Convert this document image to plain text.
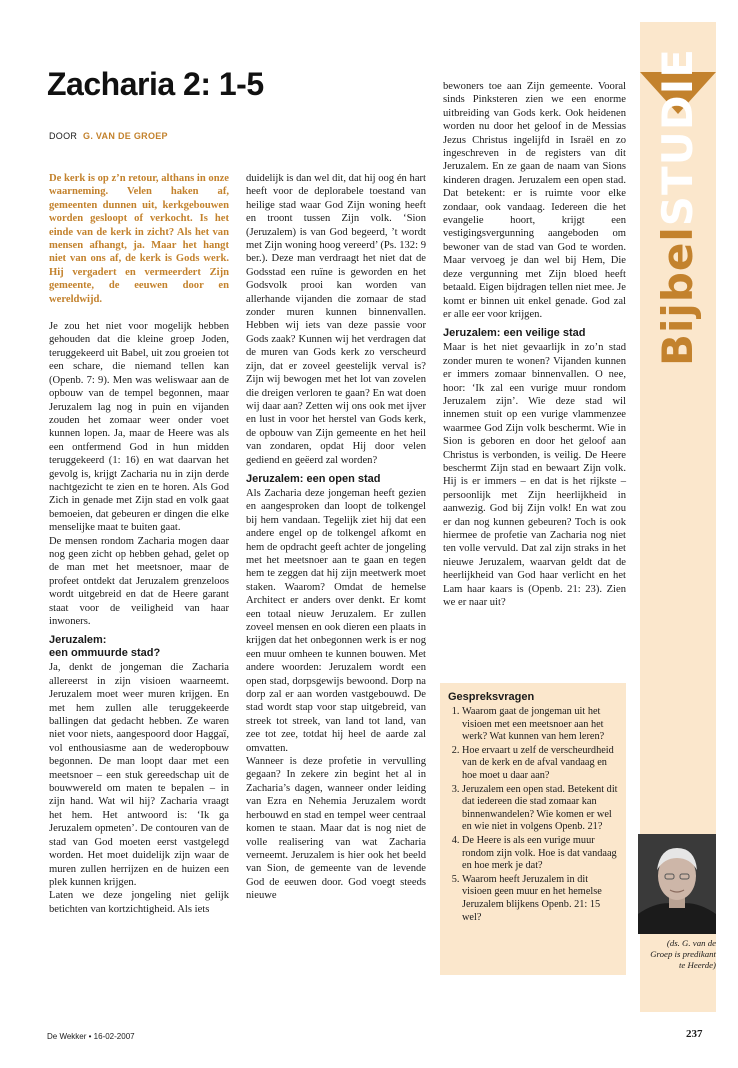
Zacharia 2: 1-5
DOOR G. VAN DE GROEP

De kerk is op z’n retour, althans in onze waarneming. Velen haken af, gemeenten dunnen uit, kerkgebouwen worden gesloopt of verkocht. Is het einde van de kerk in zicht? Als het van mensen afhangt, ja. Maar het hangt niet van ons af, de kerk is Gods werk. Hij vergadert en vermeerdert Zijn gemeente, de eeuwen door en wereldwijd.

Je zou het niet voor mogelijk hebben gehouden dat die kleine groep Joden, teruggekeerd uit Babel, uit zou groeien tot een schare, die niemand tellen kan (Openb. 7: 9). Men was weliswaar aan de opbouw van de tempel begonnen, maar Jeruzalem lag nog in puin en vijanden zouden het zomaar weer onder voet kunnen lopen. Ja, maar de Heere was als een ontfermend God in hun midden teruggekeerd (1: 16) en wat daarvan het gevolg is, krijgt Zacharia nu in zijn derde nachtgezicht te zien en te horen. Als God Zich in genade met Zijn stad en volk gaat bemoeien, dat gebeuren er dingen die elke menselijke maat te buiten gaat.

De mensen rondom Zacharia mogen daar nog geen zicht op hebben gehad, gelet op de man met het meetsnoer, maar de profeet ontdekt dat Jeruzalem grenzeloos wordt uitgebreid en dat de Heere garant staat voor de veiligheid van haar inwoners.

Jeruzalem:
een ommuurde stad?

Ja, denkt de jongeman die Zacharia allereerst in zijn visioen waarneemt. Jeruzalem moet weer muren krijgen. En met hem zullen alle teruggekeerde ballingen dat gedacht hebben. Ze waren niet voor niets, aangespoord door Haggaï, vol enthousiasme aan de wederopbouw begonnen. De man loopt daar met een meetsnoer – een stuk gereedschap uit de bouwwereld om maten te bepalen – in zijn hand. Wat wil hij? Zacharia vraagt het hem. Het antwoord is: ‘Ik ga Jeruzalem opmeten’. De contouren van de stad van God moeten eerst vastgelegd worden. Het moet duidelijk zijn waar de muren zullen herrijzen en de huizen een plek kunnen krijgen.

Laten we deze jongeling niet gelijk betichten van kortzichtigheid. Als iets

duidelijk is dan wel dit, dat hij oog én hart heeft voor de deplorabele toestand van heilige stad waar God Zijn woning heeft en troont tussen Zijn volk. ‘Sion (Jeruzalem) is van God begeerd, ’t wordt met Zijn woning hoog vereerd’ (Ps. 132: 9 ber.). Deze man verdraagt het niet dat de Godsstad een ruïne is geworden en het Godsvolk prooi kan worden van allerhande vijanden die zomaar de stad zonder muren kunnen binnenvallen. Hebben wij iets van deze passie voor Gods zaak? Kunnen wij het verdragen dat de muren van Gods kerk zo verscheurd zijn, dat er zoveel geestelijk verval is? Zijn wij bewogen met het lot van zovelen die dreigen verloren te gaan? En wat doen wij daar aan? Zetten wij ons ook met ijver en lust in voor het herstel van Gods kerk, de opbouw van Zijn gemeente en het heil van zondaren, opdat Hij door velen gediend en geëerd zal worden?

Jeruzalem: een open stad

Als Zacharia deze jongeman heeft gezien en aangesproken dan loopt de tolkengel bij hem vandaan. Tegelijk ziet hij dat een andere engel op de tolkengel afkomt en hem de opdracht geeft achter de jongeling met het meetsnoer aan te gaan en tegen hem te zeggen dat hij zijn meetwerk moet staken. Waarom? Omdat de hemelse Architect er anders over denkt. Er komt een totaal nieuw Jeruzalem. Er zullen zoveel mensen en ook dieren een plaats in krijgen dat het onbegonnen werk is er nog een muur omheen te kunnen bouwen. Met andere woorden: Jeruzalem wordt een open stad, dorpsgewijs bewoond. Dorp na dorp zal er aan worden vastgebouwd. De stad wordt stap voor stap uitgebreid, van streek tot streek, van land tot land, van zee tot zee, totdat hij heel de aarde zal omvatten.

Wanneer is deze profetie in vervulling gegaan? In zekere zin begint het al in Zacharia’s dagen, wanneer onder leiding van Ezra en Nehemia Jeruzalem wordt herbouwd en stad en tempel weer centraal komen te staan. Maar dat is nog niet de volle realisering van wat Zacharia verneemt. Jeruzalem is hier ook het beeld van Sion, de gemeente van de levende God de eeuwen door. God voegt steeds nieuwe

bewoners toe aan Zijn gemeente. Vooral sinds Pinksteren zien we een enorme uitbreiding van Gods kerk. Ook heidenen worden nu door het geloof in de Messias Jezus Christus ingelijfd in Israël en zo ingeschreven in de registers van dit Jeruzalem. En ze gaan de naam van Sions kinderen dragen. Jeruzalem een open stad. Dat betekent: er is ruimte voor elke zondaar, ook vandaag. Iedereen die het evangelie hoort, krijgt een vestigingsvergunning aangeboden om bewoner van de stad van God te worden. Maar vervoeg je dan wel bij Hem, Die deze vergunning met Zijn bloed heeft betaald. Eigen bijdragen tellen niet mee. Je komt er binnen uit enkel genade. God zal er alle eer voor krijgen.

Jeruzalem: een veilige stad

Maar is het niet gevaarlijk in zo’n stad zonder muren te wonen? Vijanden kunnen er immers zomaar binnenvallen. O nee, hoor: ‘Ik zal een vurige muur rondom Jeruzalem zijn’. Wie deze stad wil innemen stuit op een vurige vlammenzee waarmee God Zijn volk beschermt. Wie in Sion is geboren en door het geloof aan Christus is verbonden, is veilig. De Heere beschermt Zijn stad en bewaart Zijn volk. Hij is er immers – en dat is het rijkste – persoonlijk met Zijn heerlijkheid in aanwezig. God bij Zijn volk! En wat zou er dan nog kunnen gebeuren? Toch is ook hiermee de profetie van Zacharia nog niet ten volle vervuld. Dat zal zijn straks in het nieuwe Jeruzalem, waarvan geldt dat de heerlijkheid van God haar verlicht en het Lam haar kaars is (Openb. 21: 23). Zien we er naar uit?

Gespreksvragen
1. Waarom gaat de jongeman uit het visioen met een meetsnoer aan het werk? Wat kunnen van hem leren?
2. Hoe ervaart u zelf de verscheurdheid van de kerk en de afval vandaag en hoe moet u daar aan?
3. Jeruzalem een open stad. Betekent dit dat iedereen die stad zomaar kan binnenwandelen? Wie komen er wel en wie niet in volgens Openb. 21?
4. De Heere is als een vurige muur rondom zijn volk. Hoe is dat vandaag en hoe merk je dat?
5. Waarom heeft Jeruzalem in dit visioen geen muur en het hemelse Jeruzalem blijkens Openb. 21: 15 wel?
BijbelSTUDIE
(ds. G. van de
Groep is predikant
te Heerde)
De Wekker • 16-02-2007	237
